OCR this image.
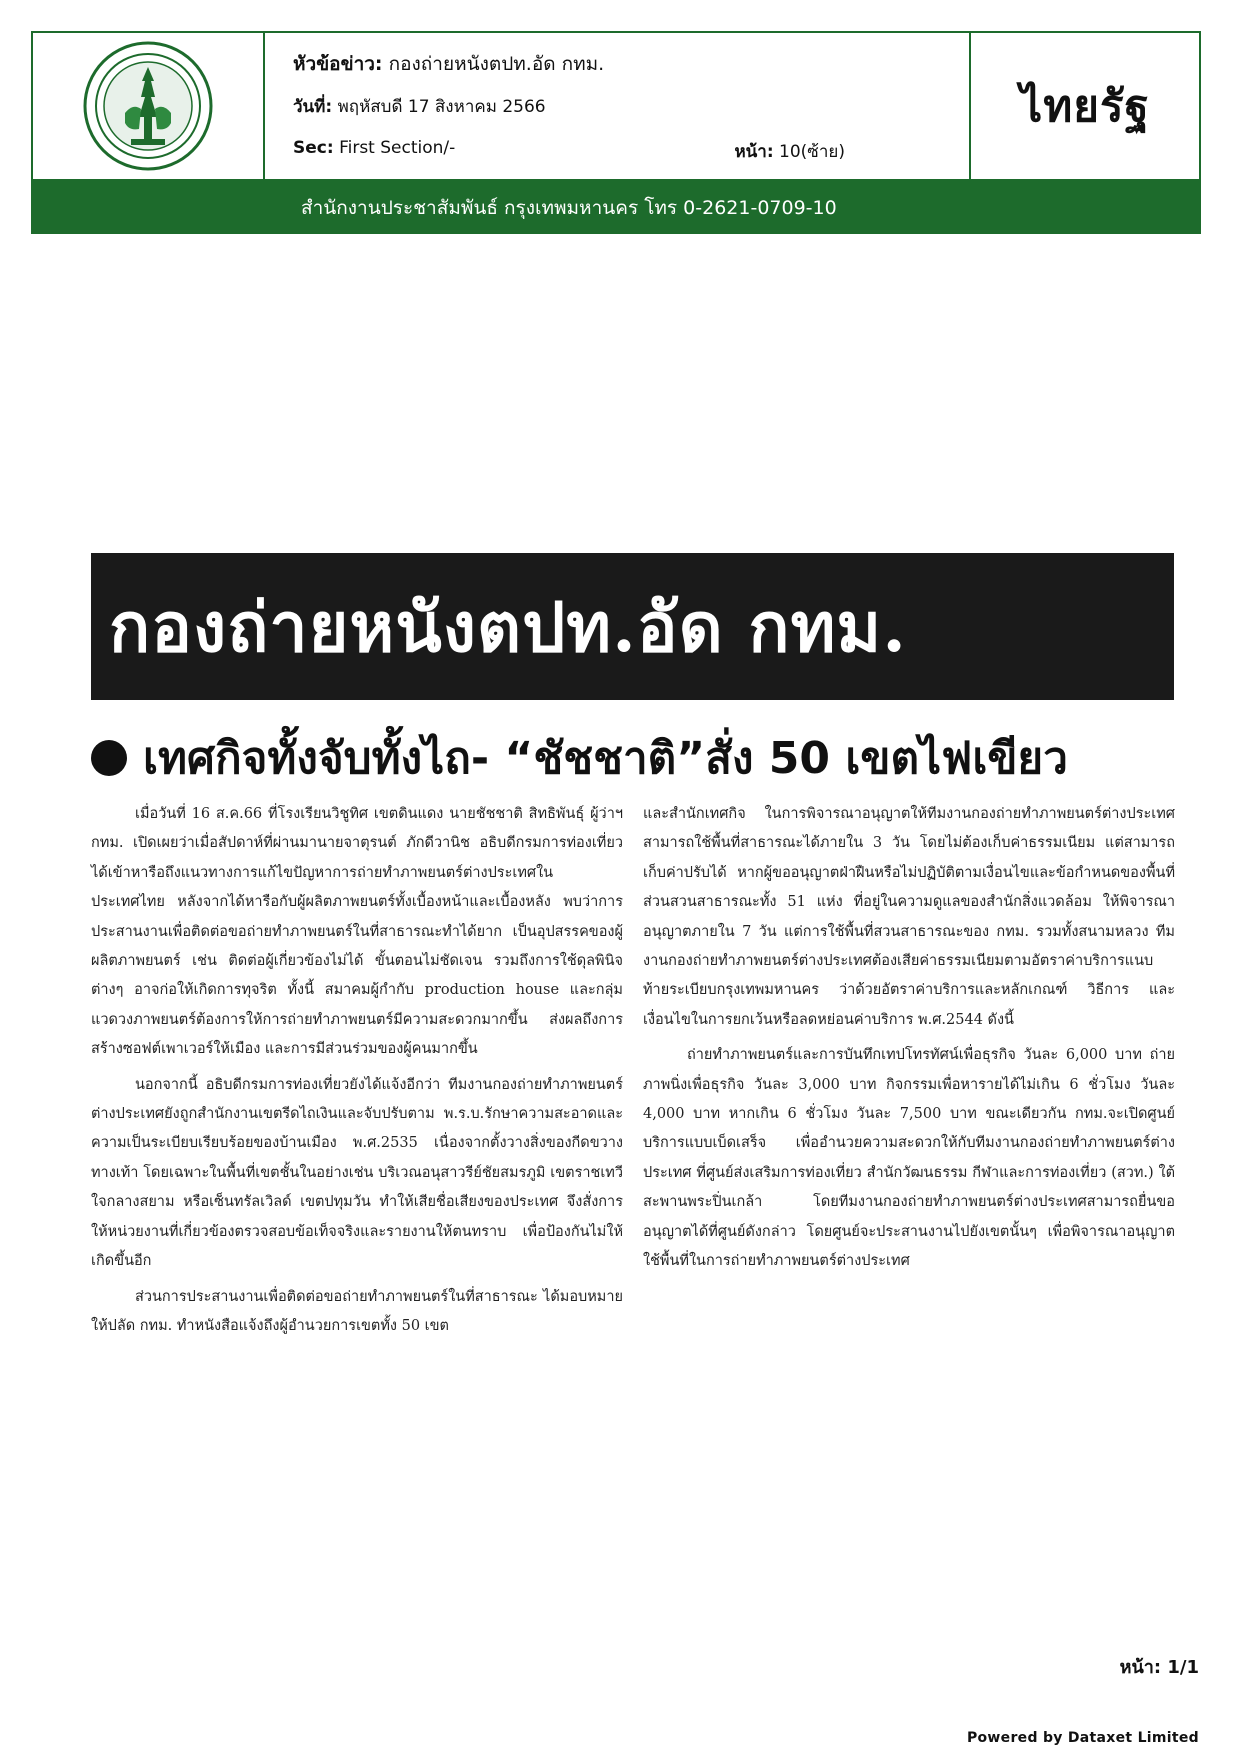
หัวข้อข่าว: กองถ่ายหนังตปท.อัด กทม.
วันที่: พฤหัสบดี 17 สิงหาคม 2566
Sec: First Section/-	หน้า: 10(ซ้าย)
ไทยรัฐ
สำนักงานประชาสัมพันธ์ กรุงเทพมหานคร โทร 0-2621-0709-10
กองถ่ายหนังตปท.อัด กทม.
เทศกิจทั้งจับทั้งไถ- “ชัชชาติ”สั่ง 50 เขตไฟเขียว

เมื่อวันที่ 16 ส.ค.66 ที่โรงเรียนวิชูทิศ เขตดินแดง นายชัชชาติ สิทธิพันธุ์ ผู้ว่าฯกทม. เปิดเผยว่าเมื่อสัปดาห์ที่ผ่านมานายจาตุรนต์ ภักดีวานิช อธิบดีกรมการท่องเที่ยว ได้เข้าหารือถึงแนวทางการแก้ไขปัญหาการถ่ายทำภาพยนตร์ต่างประเทศในประเทศไทย หลังจากได้หารือกับผู้ผลิตภาพยนตร์ทั้งเบื้องหน้าและเบื้องหลัง พบว่าการประสานงานเพื่อติดต่อขอถ่ายทำภาพยนตร์ในที่สาธารณะทำได้ยาก เป็นอุปสรรคของผู้ผลิตภาพยนตร์ เช่น ติดต่อผู้เกี่ยวข้องไม่ได้ ขั้นตอนไม่ชัดเจน รวมถึงการใช้ดุลพินิจต่างๆ อาจก่อให้เกิดการทุจริต ทั้งนี้ สมาคมผู้กำกับ production house และกลุ่มแวดวงภาพยนตร์ต้องการให้การถ่ายทำภาพยนตร์มีความสะดวกมากขึ้น ส่งผลถึงการสร้างซอฟต์เพาเวอร์ให้เมือง และการมีส่วนร่วมของผู้คนมากขึ้น

นอกจากนี้ อธิบดีกรมการท่องเที่ยวยังได้แจ้งอีกว่า ทีมงานกองถ่ายทำภาพยนตร์ต่างประเทศยังถูกสำนักงานเขตรีดไถเงินและจับปรับตาม พ.ร.บ.รักษาความสะอาดและความเป็นระเบียบเรียบร้อยของบ้านเมือง พ.ศ.2535 เนื่องจากตั้งวางสิ่งของกีดขวางทางเท้า โดยเฉพาะในพื้นที่เขตชั้นในอย่างเช่น บริเวณอนุสาวรีย์ชัยสมรภูมิ เขตราชเทวี ใจกลางสยาม หรือเซ็นทรัลเวิลด์ เขตปทุมวัน ทำให้เสียชื่อเสียงของประเทศ จึงสั่งการให้หน่วยงานที่เกี่ยวข้องตรวจสอบข้อเท็จจริงและรายงานให้ตนทราบ เพื่อป้องกันไม่ให้เกิดขึ้นอีก

ส่วนการประสานงานเพื่อติดต่อขอถ่ายทำภาพยนตร์ในที่สาธารณะ ได้มอบหมายให้ปลัด กทม. ทำหนังสือแจ้งถึงผู้อำนวยการเขตทั้ง 50 เขต

และสำนักเทศกิจ ในการพิจารณาอนุญาตให้ทีมงานกองถ่ายทำภาพยนตร์ต่างประเทศสามารถใช้พื้นที่สาธารณะได้ภายใน 3 วัน โดยไม่ต้องเก็บค่าธรรมเนียม แต่สามารถเก็บค่าปรับได้ หากผู้ขออนุญาตฝ่าฝืนหรือไม่ปฏิบัติตามเงื่อนไขและข้อกำหนดของพื้นที่ ส่วนสวนสาธารณะทั้ง 51 แห่ง ที่อยู่ในความดูแลของสำนักสิ่งแวดล้อม ให้พิจารณาอนุญาตภายใน 7 วัน แต่การใช้พื้นที่สวนสาธารณะของ กทม. รวมทั้งสนามหลวง ทีมงานกองถ่ายทำภาพยนตร์ต่างประเทศต้องเสียค่าธรรมเนียมตามอัตราค่าบริการแนบท้ายระเบียบกรุงเทพมหานคร ว่าด้วยอัตราค่าบริการและหลักเกณฑ์ วิธีการ และเงื่อนไขในการยกเว้นหรือลดหย่อนค่าบริการ พ.ศ.2544 ดังนี้

ถ่ายทำภาพยนตร์และการบันทึกเทปโทรทัศน์เพื่อธุรกิจ วันละ 6,000 บาท ถ่ายภาพนิ่งเพื่อธุรกิจ วันละ 3,000 บาท กิจกรรมเพื่อหารายได้ไม่เกิน 6 ชั่วโมง วันละ 4,000 บาท หากเกิน 6 ชั่วโมง วันละ 7,500 บาท ขณะเดียวกัน กทม.จะเปิดศูนย์บริการแบบเบ็ดเสร็จ เพื่ออำนวยความสะดวกให้กับทีมงานกองถ่ายทำภาพยนตร์ต่างประเทศ ที่ศูนย์ส่งเสริมการท่องเที่ยว สำนักวัฒนธรรม กีฬาและการท่องเที่ยว (สวท.) ใต้สะพานพระปิ่นเกล้า โดยทีมงานกองถ่ายทำภาพยนตร์ต่างประเทศสามารถยื่นขออนุญาตได้ที่ศูนย์ดังกล่าว โดยศูนย์จะประสานงานไปยังเขตนั้นๆ เพื่อพิจารณาอนุญาตใช้พื้นที่ในการถ่ายทำภาพยนตร์ต่างประเทศ

หน้า: 1/1
Powered by Dataxet Limited
